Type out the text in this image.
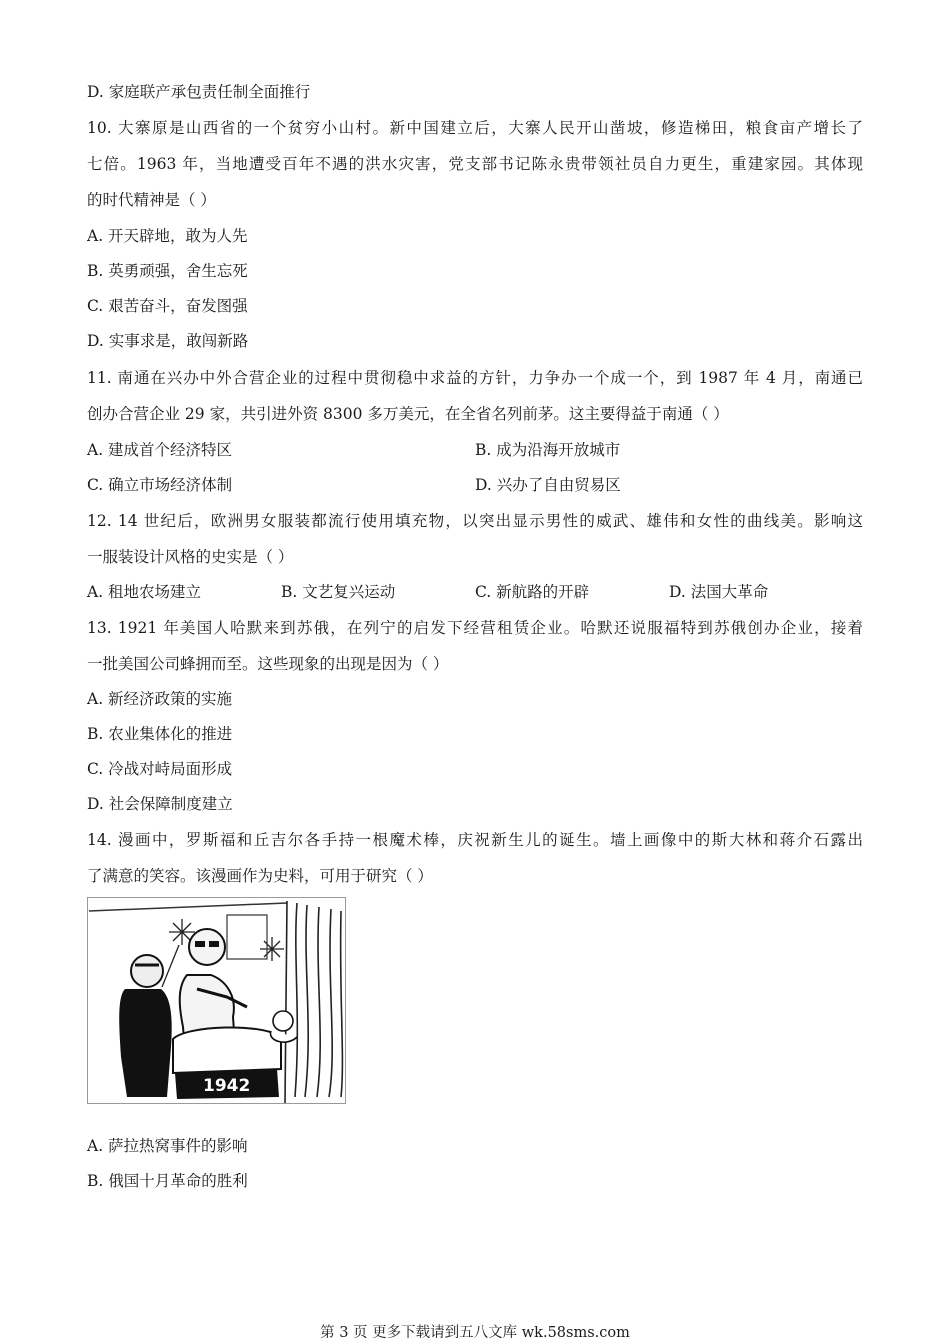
D. 家庭联产承包责任制全面推行
10. 大寨原是山西省的一个贫穷小山村。新中国建立后，大寨人民开山凿坡，修造梯田，粮食亩产增长了
七倍。1963 年，当地遭受百年不遇的洪水灾害，党支部书记陈永贵带领社员自力更生，重建家园。其体现
的时代精神是（ ）
A. 开天辟地，敢为人先
B. 英勇顽强，舍生忘死
C. 艰苦奋斗，奋发图强
D. 实事求是，敢闯新路
11. 南通在兴办中外合营企业的过程中贯彻稳中求益的方针，力争办一个成一个，到 1987 年 4 月，南通已
创办合营企业 29 家，共引进外资 8300 多万美元，在全省名列前茅。这主要得益于南通（ ）
A. 建成首个经济特区	B. 成为沿海开放城市
C. 确立市场经济体制	D. 兴办了自由贸易区
12. 14 世纪后，欧洲男女服装都流行使用填充物，以突出显示男性的威武、雄伟和女性的曲线美。影响这
一服装设计风格的史实是（ ）
A. 租地农场建立	B. 文艺复兴运动	C. 新航路的开辟	D. 法国大革命
13. 1921 年美国人哈默来到苏俄，在列宁的启发下经营租赁企业。哈默还说服福特到苏俄创办企业，接着
一批美国公司蜂拥而至。这些现象的出现是因为（ ）
A. 新经济政策的实施
B. 农业集体化的推进
C. 冷战对峙局面形成
D. 社会保障制度建立
14. 漫画中，罗斯福和丘吉尔各手持一根魔术棒，庆祝新生儿的诞生。墙上画像中的斯大林和蒋介石露出
了满意的笑容。该漫画作为史料，可用于研究（ ）
1942
A. 萨拉热窝事件的影响
B. 俄国十月革命的胜利
第 3 页 更多下载请到五八文库 wk.58sms.com
